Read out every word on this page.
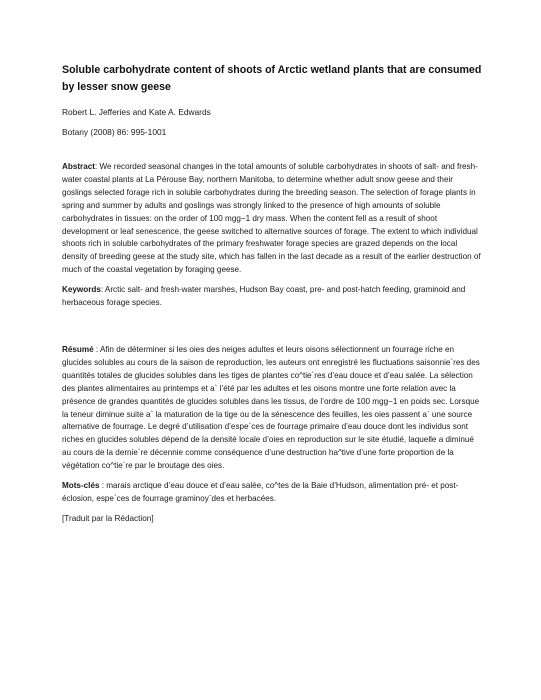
Soluble carbohydrate content of shoots of Arctic wetland plants that are consumed by lesser snow geese
Robert L. Jefferies and Kate A. Edwards
Botany (2008) 86: 995-1001

Abstract: We recorded seasonal changes in the total amounts of soluble carbohydrates in shoots of salt- and fresh-water coastal plants at La Pérouse Bay, northern Manitoba, to determine whether adult snow geese and their goslings selected forage rich in soluble carbohydrates during the breeding season. The selection of forage plants in spring and summer by adults and goslings was strongly linked to the presence of high amounts of soluble carbohydrates in tissues: on the order of 100 mgg−1 dry mass. When the content fell as a result of shoot development or leaf senescence, the geese switched to alternative sources of forage. The extent to which individual shoots rich in soluble carbohydrates of the primary freshwater forage species are grazed depends on the local density of breeding geese at the study site, which has fallen in the last decade as a result of the earlier destruction of much of the coastal vegetation by foraging geese.

Keywords: Arctic salt- and fresh-water marshes, Hudson Bay coast, pre- and post-hatch feeding, graminoid and herbaceous forage species.

Résumé : Afin de déterminer si les oies des neiges adultes et leurs oisons sélectionnent un fourrage riche en glucides solubles au cours de la saison de reproduction, les auteurs ont enregistré les fluctuations saisonnie`res des quantités totales de glucides solubles dans les tiges de plantes co^tie`res d’eau douce et d’eau salée. La sélection des plantes alimentaires au printemps et a` l’été par les adultes et les oisons montre une forte relation avec la présence de grandes quantités de glucides solubles dans les tissus, de l’ordre de 100 mgg−1 en poids sec. Lorsque la teneur diminue suite a` la maturation de la tige ou de la sénescence des feuilles, les oies passent a` une source alternative de fourrage. Le degré d’utilisation d’espe`ces de fourrage primaire d’eau douce dont les individus sont riches en glucides solubles dépend de la densité locale d’oies en reproduction sur le site étudié, laquelle a diminué au cours de la dernie`re décennie comme conséquence d’une destruction ha^tive d’une forte proportion de la végétation co^tie`re par le broutage des oies.

Mots-clés : marais arctique d’eau douce et d’eau salée, co^tes de la Baie d’Hudson, alimentation pré- et post-éclosion, espe`ces de fourrage graminoy¨des et herbacées.

[Traduit par la Rédaction]
